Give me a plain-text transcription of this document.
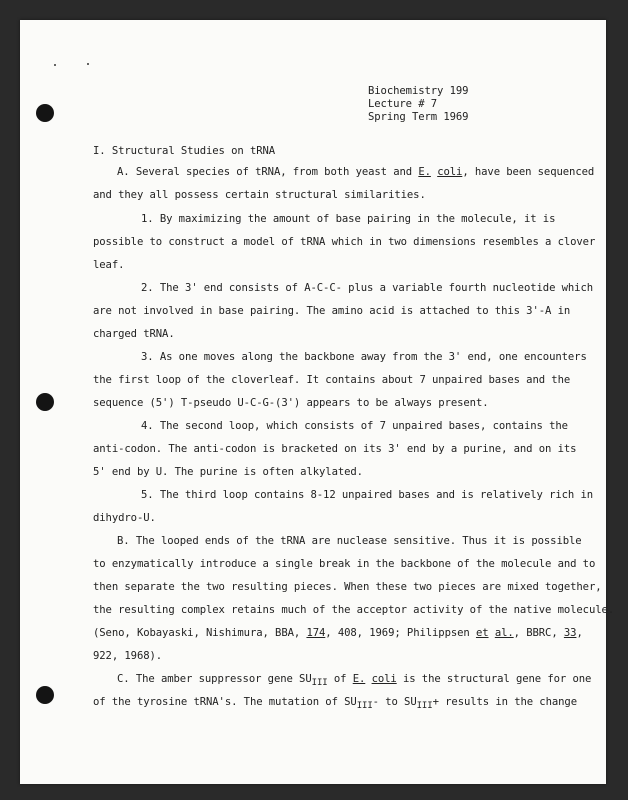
Biochemistry 199
Lecture # 7
Spring Term 1969
I. Structural Studies on tRNA
A. Several species of tRNA, from both yeast and E. coli, have been sequenced
and they all possess certain structural similarities.
1. By maximizing the amount of base pairing in the molecule, it is
possible to construct a model of tRNA which in two dimensions resembles a clover
leaf.
2. The 3' end consists of A-C-C- plus a variable fourth nucleotide which
are not involved in base pairing. The amino acid is attached to this 3'-A in
charged tRNA.
3. As one moves along the backbone away from the 3' end, one encounters
the first loop of the cloverleaf. It contains about 7 unpaired bases and the
sequence (5') T-pseudo U-C-G-(3') appears to be always present.
4. The second loop, which consists of 7 unpaired bases, contains the
anti-codon. The anti-codon is bracketed on its 3' end by a purine, and on its
5' end by U. The purine is often alkylated.
5. The third loop contains 8-12 unpaired bases and is relatively rich in
dihydro-U.
B. The looped ends of the tRNA are nuclease sensitive. Thus it is possible
to enzymatically introduce a single break in the backbone of the molecule and to
then separate the two resulting pieces. When these two pieces are mixed together,
the resulting complex retains much of the acceptor activity of the native molecule.
(Seno, Kobayaski, Nishimura, BBA, 174, 408, 1969; Philippsen et al., BBRC, 33,
922, 1968).
C. The amber suppressor gene $SU_{III}$ of E. coli is the structural gene for one
of the tyrosine tRNA's. The mutation of $SU_{III}-$ to $SU_{III}+$ results in the change
